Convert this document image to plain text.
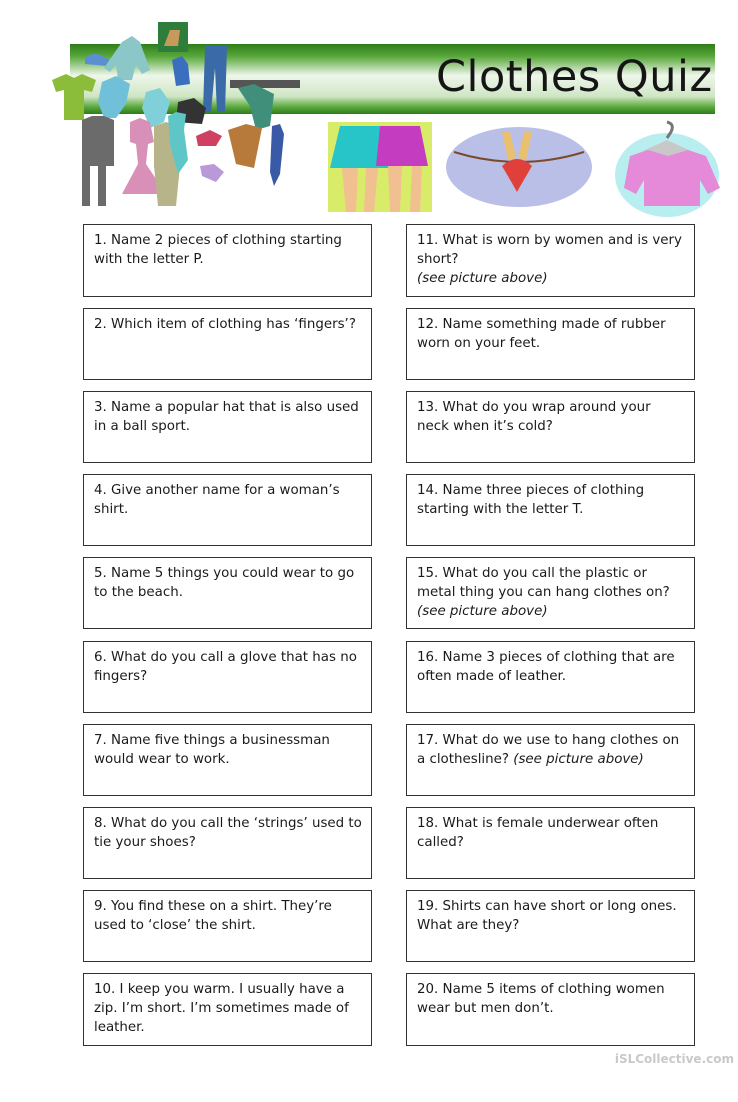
Clothes Quiz
1. Name 2 pieces of clothing starting with the letter P.
2. Which item of clothing has ‘fingers’?
3. Name a popular hat that is also used in a ball sport.
4. Give another name for a woman’s shirt.
5. Name 5 things you could wear to go to the beach.
6. What do you call a glove that has no fingers?
7. Name five things a businessman would wear to work.
8. What do you call the ‘strings’ used to tie your shoes?
9. You find these on a shirt. They’re used to ‘close’ the shirt.
10. I keep you warm. I usually have a zip. I’m short. I’m sometimes made of leather.
11. What is worn by women and is very short?
(see picture above)
12. Name something made of rubber worn on your feet.
13. What do you wrap around your neck when it’s cold?
14. Name three pieces of clothing starting with the letter T.
15. What do you call the plastic or metal thing you can hang clothes on?
(see picture above)
16. Name 3 pieces of clothing that are often made of leather.
17. What do we use to hang clothes on a clothesline? (see picture above)
18. What is female underwear often called?
19. Shirts can have short or long ones. What are they?
20. Name 5 items of clothing women wear but men don’t.
iSLCollective.com
